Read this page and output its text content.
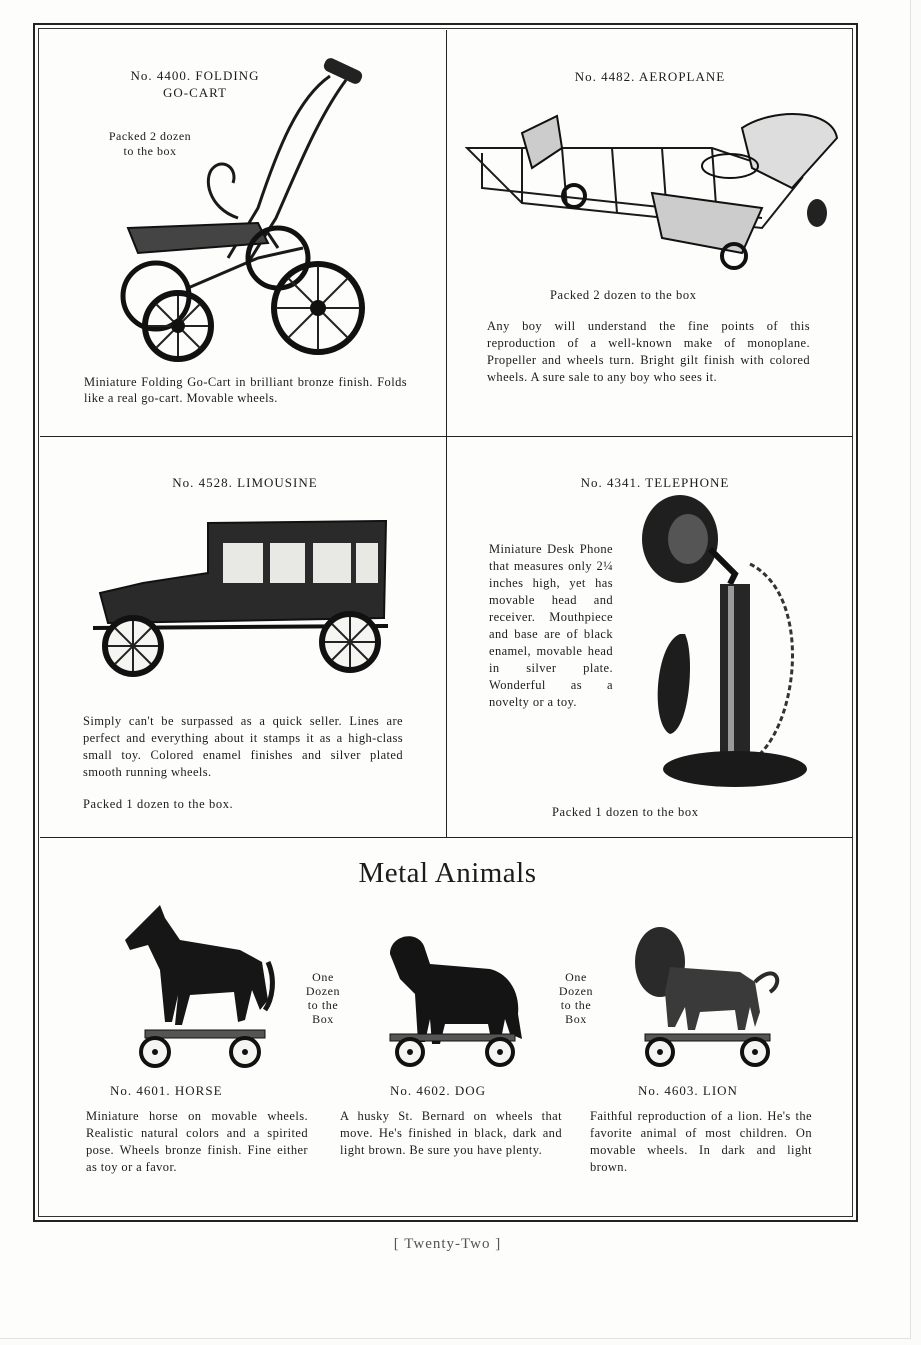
No. 4400. FOLDING
GO-CART
Packed 2 dozen
to the box
Miniature Folding Go-Cart in brilliant bronze finish. Folds like a real go-cart. Movable wheels.
No. 4482. AEROPLANE
Packed 2 dozen to the box
Any boy will understand the fine points of this reproduction of a well-known make of monoplane. Propeller and wheels turn. Bright gilt finish with colored wheels. A sure sale to any boy who sees it.
No. 4528. LIMOUSINE
Simply can't be surpassed as a quick seller. Lines are perfect and everything about it stamps it as a high-class small toy. Colored enamel finishes and silver plated smooth running wheels.
Packed 1 dozen to the box.
No. 4341. TELEPHONE
Miniature Desk Phone that measures only 2¼ inches high, yet has movable head and receiver. Mouthpiece and base are of black enamel, movable head in silver plate. Wonderful as a novelty or a toy.
Packed 1 dozen to the box
Metal Animals
One
Dozen
to the
Box
One
Dozen
to the
Box
No. 4601. HORSE	No. 4602. DOG	No. 4603. LION
Miniature horse on movable wheels. Realistic natural colors and a spirited pose. Wheels bronze finish. Fine either as toy or a favor.
A husky St. Bernard on wheels that move. He's finished in black, dark and light brown. Be sure you have plenty.
Faithful reproduction of a lion. He's the favorite animal of most children. On movable wheels. In dark and light brown.
[ Twenty-Two ]
